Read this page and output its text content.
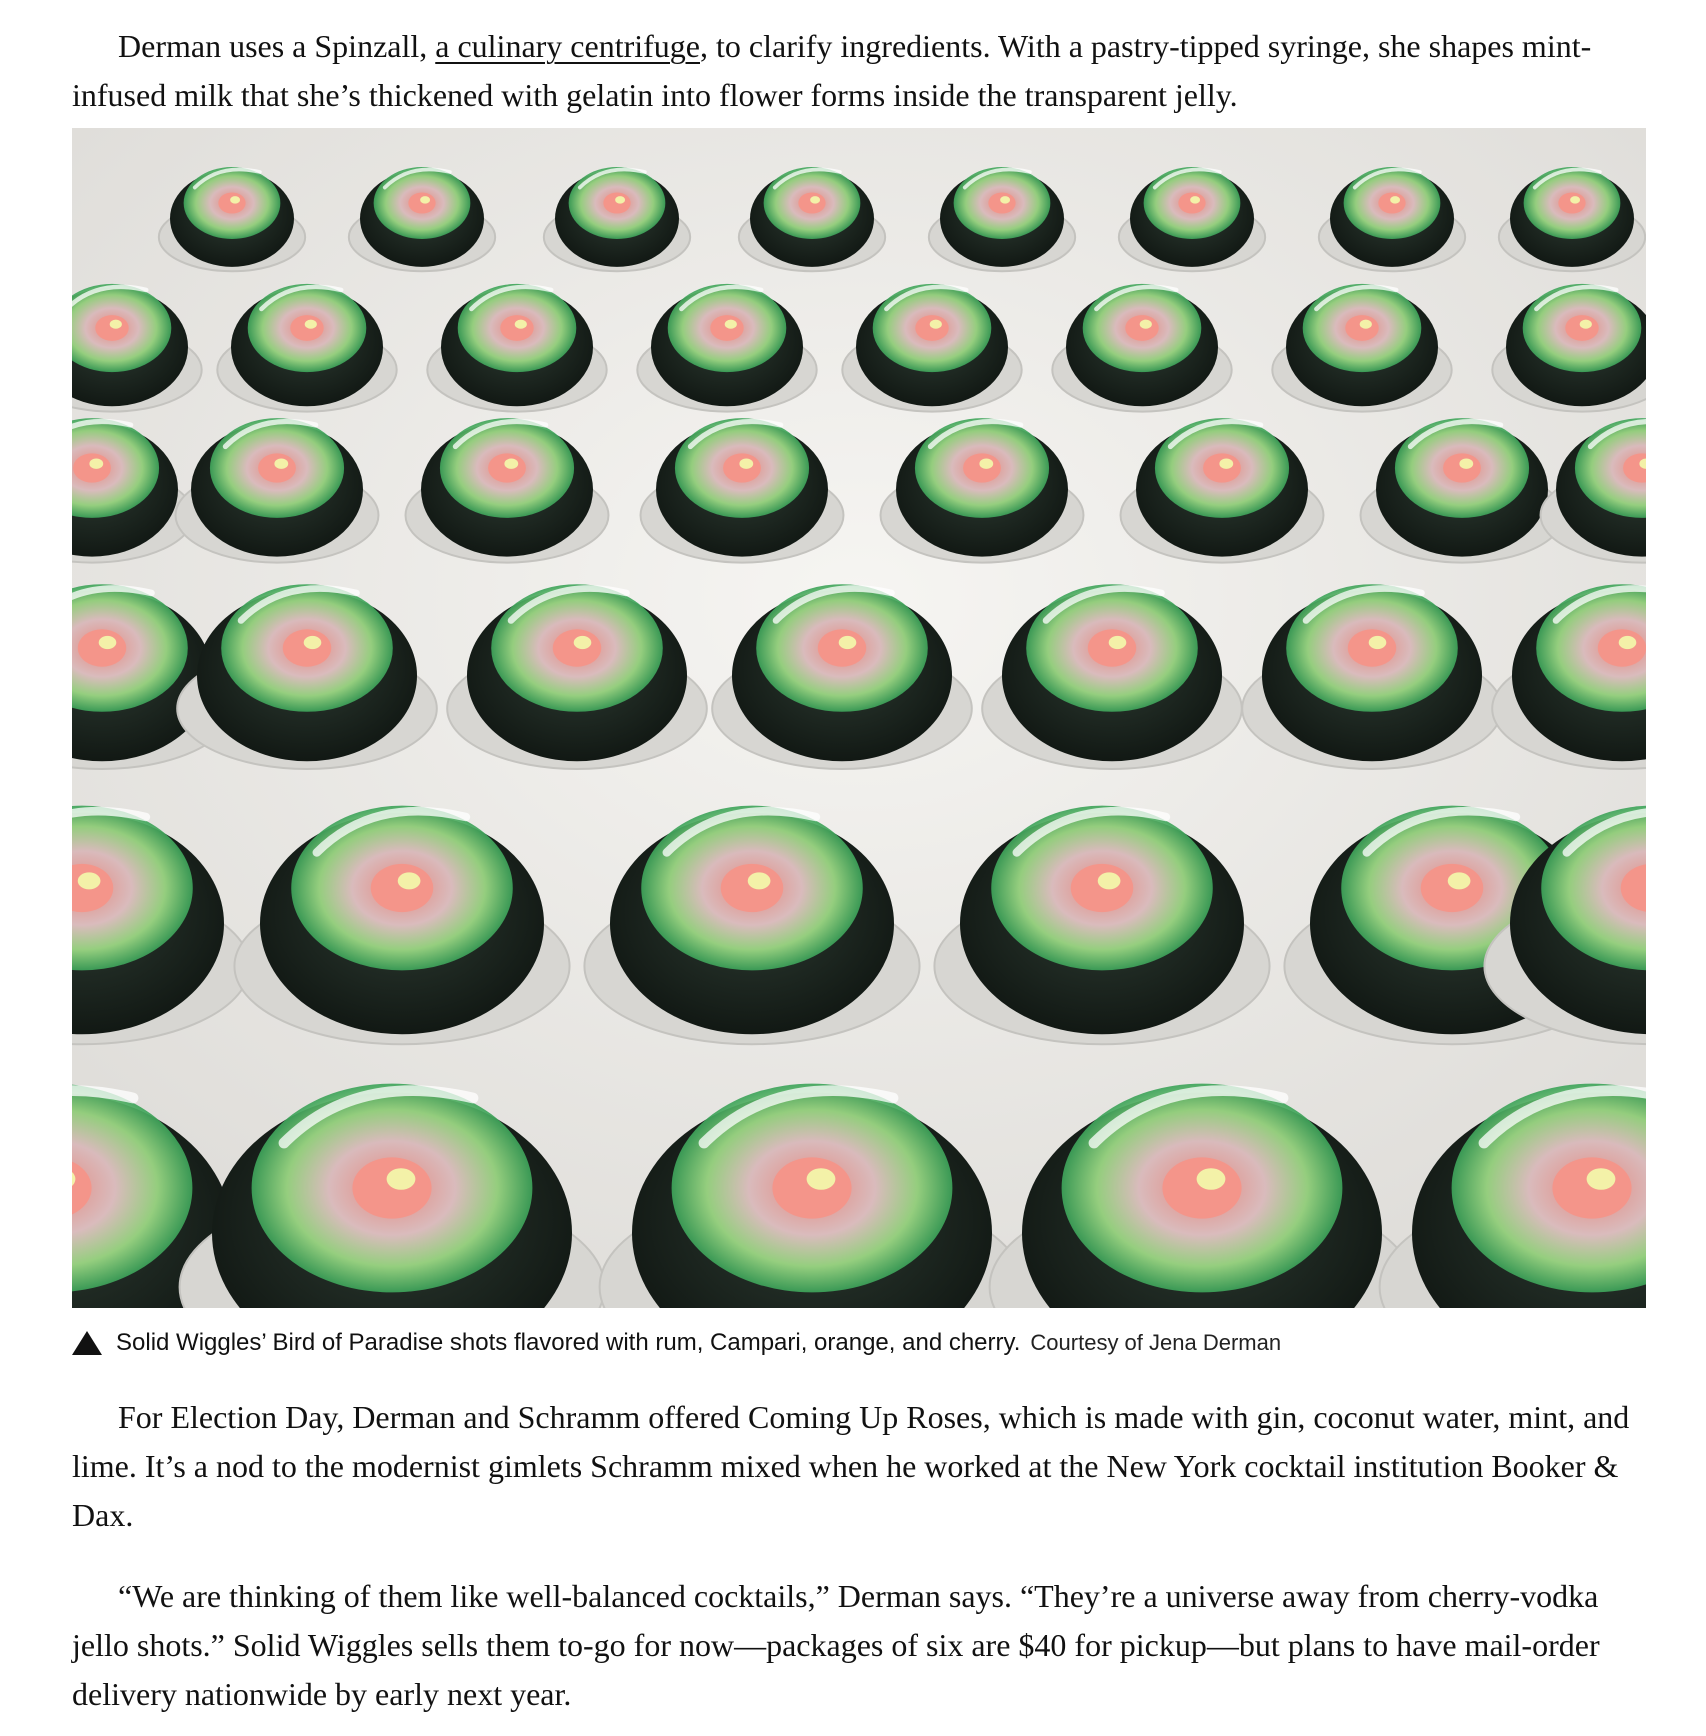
Derman uses a Spinzall, a culinary centrifuge, to clarify ingredients. With a pastry-tipped syringe, she shapes mint-infused milk that she’s thickened with gelatin into flower forms inside the transparent jelly.

Solid Wiggles’ Bird of Paradise shots flavored with rum, Campari, orange, and cherry. Courtesy of Jena Derman

For Election Day, Derman and Schramm offered Coming Up Roses, which is made with gin, coconut water, mint, and lime. It’s a nod to the modernist gimlets Schramm mixed when he worked at the New York cocktail institution Booker & Dax.

“We are thinking of them like well-balanced cocktails,” Derman says. “They’re a universe away from cherry-vodka jello shots.” Solid Wiggles sells them to-go for now—packages of six are $40 for pickup—but plans to have mail-order delivery nationwide by early next year.
